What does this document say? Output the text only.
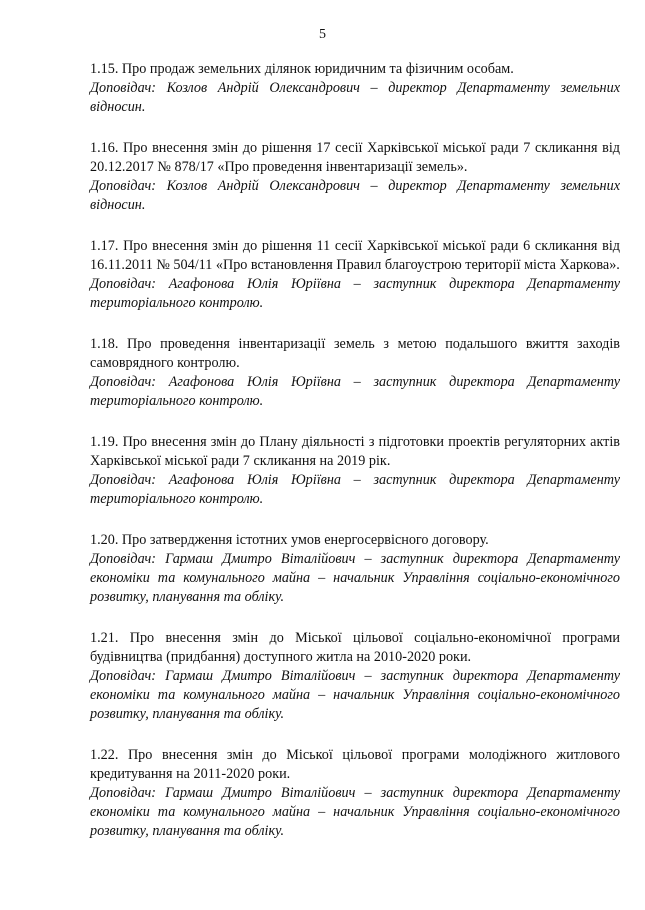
5

1.15. Про продаж земельних ділянок юридичним та фізичним особам.

Доповідач: Козлов Андрій Олександрович – директор Департаменту земельних відносин.

1.16. Про внесення змін до рішення 17 сесії Харківської міської ради 7 скликання від 20.12.2017 № 878/17 «Про проведення інвентаризації земель».

Доповідач: Козлов Андрій Олександрович – директор Департаменту земельних відносин.

1.17. Про внесення змін до рішення 11 сесії Харківської міської ради 6 скликання від 16.11.2011 № 504/11 «Про встановлення Правил благоустрою території міста Харкова».

Доповідач: Агафонова Юлія Юріївна – заступник директора Департаменту територіального контролю.

1.18. Про проведення інвентаризації земель з метою подальшого вжиття заходів самоврядного контролю.

Доповідач: Агафонова Юлія Юріївна – заступник директора Департаменту територіального контролю.

1.19. Про внесення змін до Плану діяльності з підготовки проектів регуляторних актів Харківської міської ради 7 скликання на 2019 рік.

Доповідач: Агафонова Юлія Юріївна – заступник директора Департаменту територіального контролю.

1.20. Про затвердження істотних умов енергосервісного договору.

Доповідач: Гармаш Дмитро Віталійович – заступник директора Департаменту економіки та комунального майна – начальник Управління соціально-економічного розвитку, планування та обліку.

1.21. Про внесення змін до Міської цільової соціально-економічної програми будівництва (придбання) доступного житла на 2010-2020 роки.

Доповідач: Гармаш Дмитро Віталійович – заступник директора Департаменту економіки та комунального майна – начальник Управління соціально-економічного розвитку, планування та обліку.

1.22. Про внесення змін до Міської цільової програми молодіжного житлового кредитування на 2011-2020 роки.

Доповідач: Гармаш Дмитро Віталійович – заступник директора Департаменту економіки та комунального майна – начальник Управління соціально-економічного розвитку, планування та обліку.
